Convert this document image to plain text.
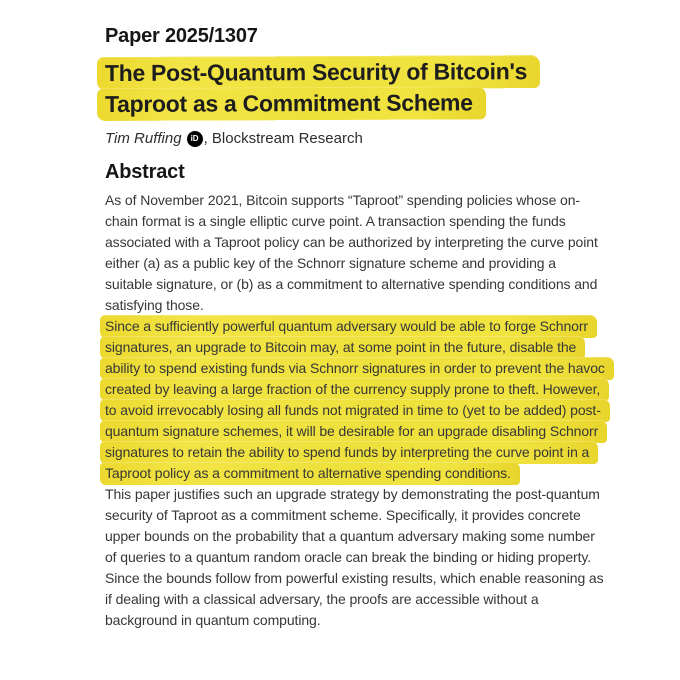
Paper 2025/1307
The Post-Quantum Security of Bitcoin's Taproot as a Commitment Scheme
Tim Ruffing	iD , Blockstream Research
Abstract

As of November 2021, Bitcoin supports “Taproot” spending policies whose on-chain format is a single elliptic curve point. A transaction spending the funds associated with a Taproot policy can be authorized by interpreting the curve point either (a) as a public key of the Schnorr signature scheme and providing a suitable signature, or (b) as a commitment to alternative spending conditions and satisfying those.

Since a sufficiently powerful quantum adversary would be able to forge Schnorr signatures, an upgrade to Bitcoin may, at some point in the future, disable the ability to spend existing funds via Schnorr signatures in order to prevent the havoc created by leaving a large fraction of the currency supply prone to theft. However, to avoid irrevocably losing all funds not migrated in time to (yet to be added) post-quantum signature schemes, it will be desirable for an upgrade disabling Schnorr signatures to retain the ability to spend funds by interpreting the curve point in a Taproot policy as a commitment to alternative spending conditions.

This paper justifies such an upgrade strategy by demonstrating the post-quantum security of Taproot as a commitment scheme. Specifically, it provides concrete upper bounds on the probability that a quantum adversary making some number of queries to a quantum random oracle can break the binding or hiding property. Since the bounds follow from powerful existing results, which enable reasoning as if dealing with a classical adversary, the proofs are accessible without a background in quantum computing.
